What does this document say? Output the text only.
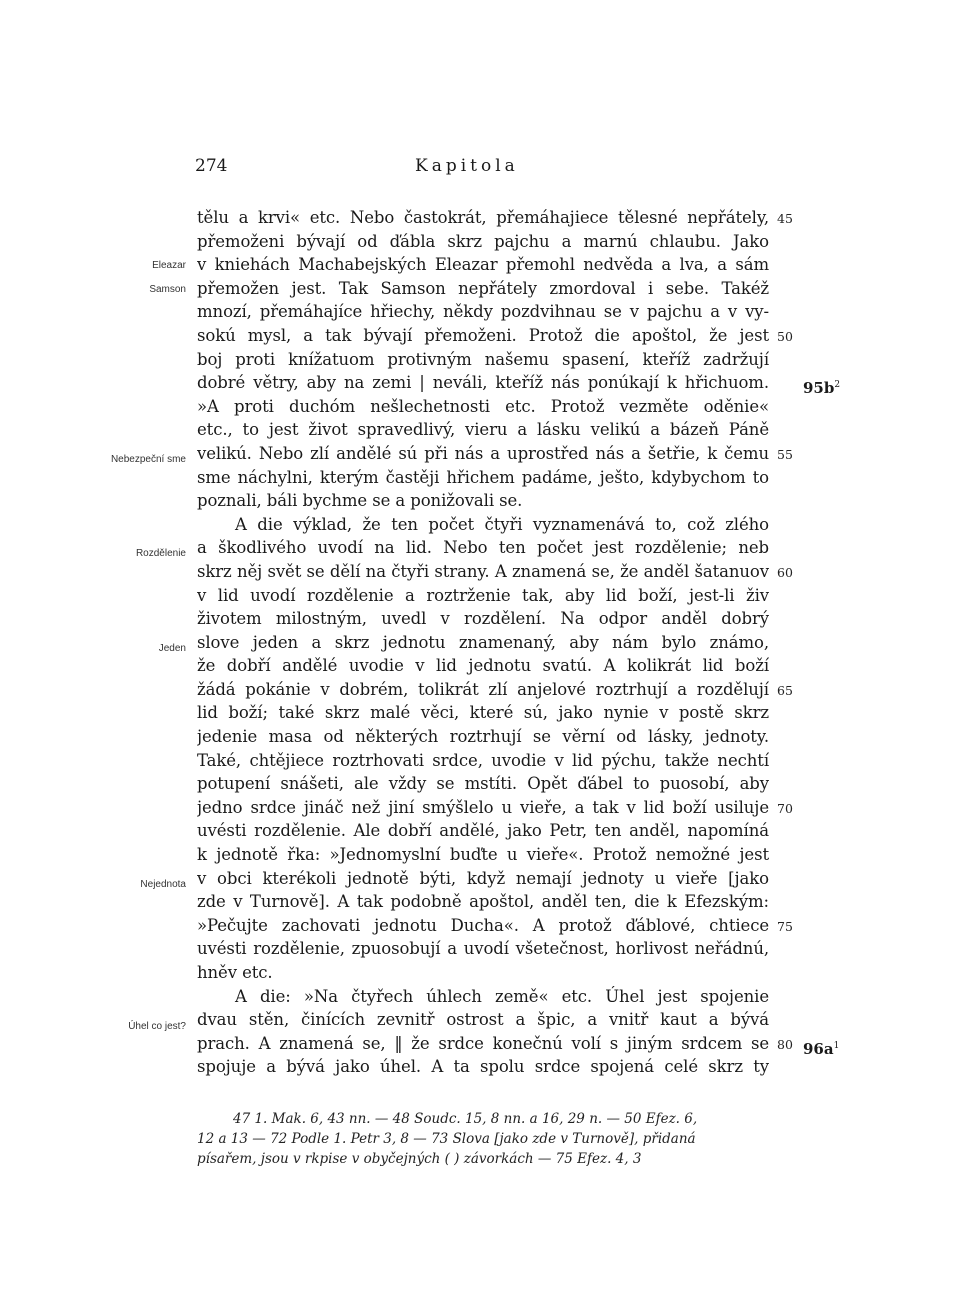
274	Kapitola
tělu a krvi« etc. Nebo častokrát, přemáhajiece tělesné nepřátely,
přemoženi bývají od ďábla skrz pajchu a marnú chlaubu. Jako
v kniehách Machabejských Eleazar přemohl nedvěda a lva, a sám
přemožen jest. Tak Samson nepřátely zmordoval i sebe. Takéž
mnozí, přemáhajíce hřiechy, někdy pozdvihnau se v pajchu a v vy-
sokú mysl, a tak bývají přemoženi. Protož die apoštol, že jest
boj proti knížatuom protivným našemu spasení, kteříž zadržují
dobré větry, aby na zemi | neváli, kteříž nás ponúkají k hřichuom.
»A proti duchóm nešlechetnosti etc. Protož vezměte oděnie«
etc., to jest život spravedlivý, vieru a lásku velikú a bázeň Páně
velikú. Nebo zlí andělé sú při nás a uprostřed nás a šetřie, k čemu
sme náchylni, kterým častěji hřichem padáme, ješto, kdybychom to
poznali, báli bychme se a ponižovali se.
A die výklad, že ten počet čtyři vyznamenává to, což zlého
a škodlivého uvodí na lid. Nebo ten počet jest rozdělenie; neb
skrz něj svět se dělí na čtyři strany. A znamená se, že anděl šatanuov
v lid uvodí rozdělenie a roztrženie tak, aby lid boží, jest-li živ
životem milostným, uvedl v rozdělení. Na odpor anděl dobrý
slove jeden a skrz jednotu znamenaný, aby nám bylo známo,
že dobří andělé uvodie v lid jednotu svatú. A kolikrát lid boží
žádá pokánie v dobrém, tolikrát zlí anjelové roztrhují a rozdělují
lid boží; také skrz malé věci, které sú, jako nynie v postě skrz
jedenie masa od některých roztrhují se věrní od lásky, jednoty.
Také, chtějiece roztrhovati srdce, uvodie v lid pýchu, takže nechtí
potupení snášeti, ale vždy se mstíti. Opět ďábel to puosobí, aby
jedno srdce jináč než jiní smýšlelo u vieře, a tak v lid boží usiluje
uvésti rozdělenie. Ale dobří andělé, jako Petr, ten anděl, napomíná
k jednotě řka: »Jednomyslní buďte u vieře«. Protož nemožné jest
v obci kterékoli jednotě býti, když nemají jednoty u vieře [jako
zde v Turnově]. A tak podobně apoštol, anděl ten, die k Efezským:
»Pečujte zachovati jednotu Ducha«. A protož ďáblové, chtiece
uvésti rozdělenie, zpuosobují a uvodí všetečnost, horlivost neřádnú,
hněv etc.
A die: »Na čtyřech úhlech země« etc. Úhel jest spojenie
dvau stěn, činících zevnitř ostrost a špic, a vnitř kaut a bývá
prach. A znamená se, ‖ že srdce konečnú volí s jiným srdcem se
spojuje a bývá jako úhel. A ta spolu srdce spojená celé skrz ty
Eleazar
Samson
Nebezpeční sme
Rozdělenie
Jeden
Nejednota
Úhel co jest?
45
50
55
60
65
70
75
80
$95b^2$
$96a^1$
47 1. Mak. 6, 43 nn. — 48 Soudc. 15, 8 nn. a 16, 29 n. — 50 Efez. 6,
12 a 13 — 72 Podle 1. Petr 3, 8 — 73 Slova [jako zde v Turnově], přidaná
písařem, jsou v rkpise v obyčejných ( ) závorkách — 75 Efez. 4, 3
